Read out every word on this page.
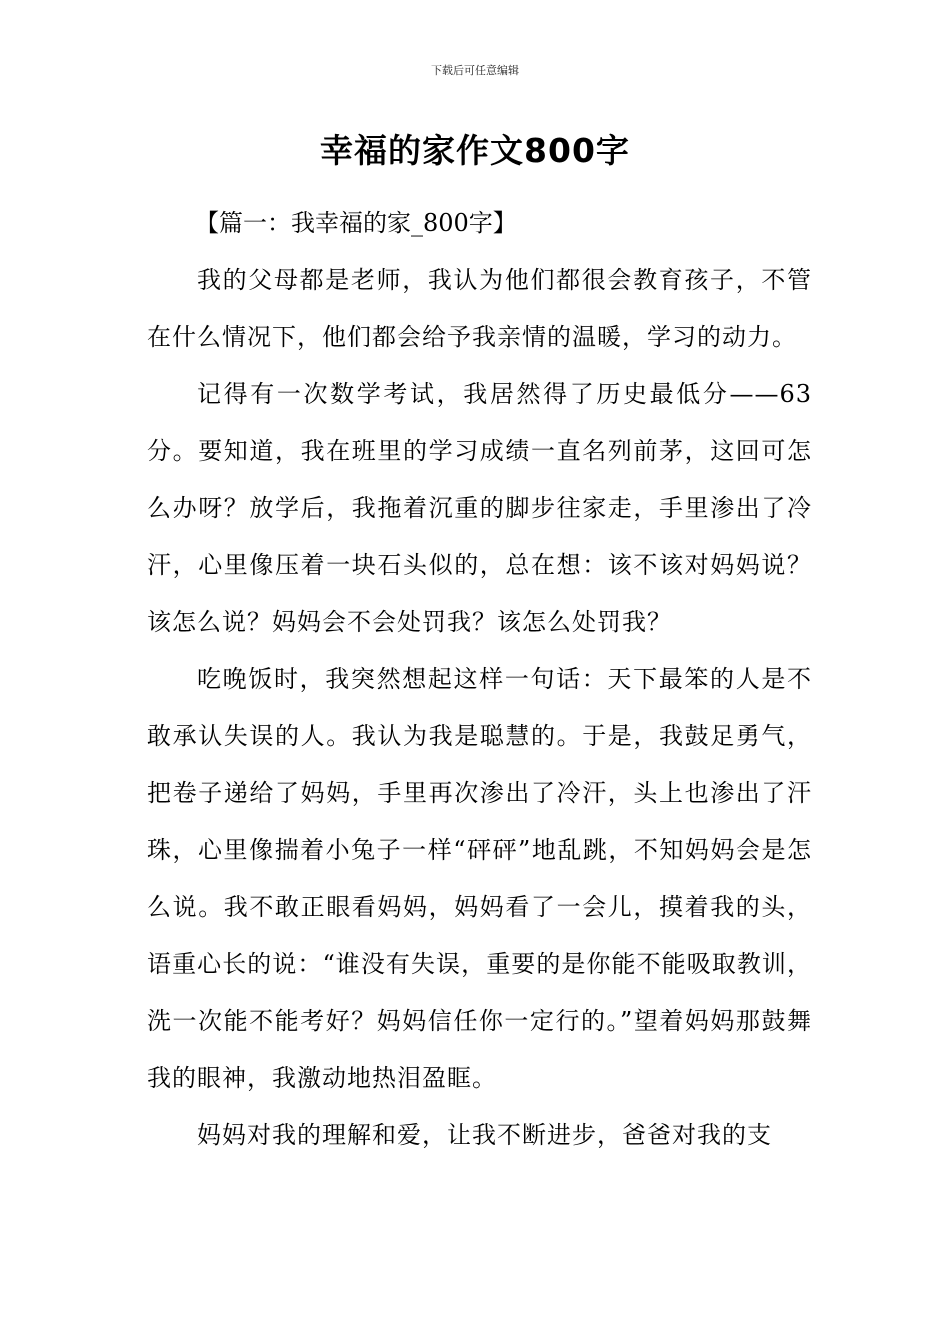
下载后可任意编辑
幸福的家作文800字
【篇一：我幸福的家_800字】

我的父母都是老师，我认为他们都很会教育孩子，不管在什么情况下，他们都会给予我亲情的温暖，学习的动力。

记得有一次数学考试，我居然得了历史最低分——63分。要知道，我在班里的学习成绩一直名列前茅，这回可怎么办呀？放学后，我拖着沉重的脚步往家走，手里渗出了冷汗，心里像压着一块石头似的，总在想：该不该对妈妈说？该怎么说？妈妈会不会处罚我？该怎么处罚我？

吃晚饭时，我突然想起这样一句话：天下最笨的人是不敢承认失误的人。我认为我是聪慧的。于是，我鼓足勇气，把卷子递给了妈妈，手里再次渗出了冷汗，头上也渗出了汗珠，心里像揣着小兔子一样“砰砰”地乱跳，不知妈妈会是怎么说。我不敢正眼看妈妈，妈妈看了一会儿，摸着我的头，语重心长的说：“谁没有失误，重要的是你能不能吸取教训，洗一次能不能考好？妈妈信任你一定行的。”望着妈妈那鼓舞我的眼神，我激动地热泪盈眶。

妈妈对我的理解和爱，让我不断进步，爸爸对我的支
